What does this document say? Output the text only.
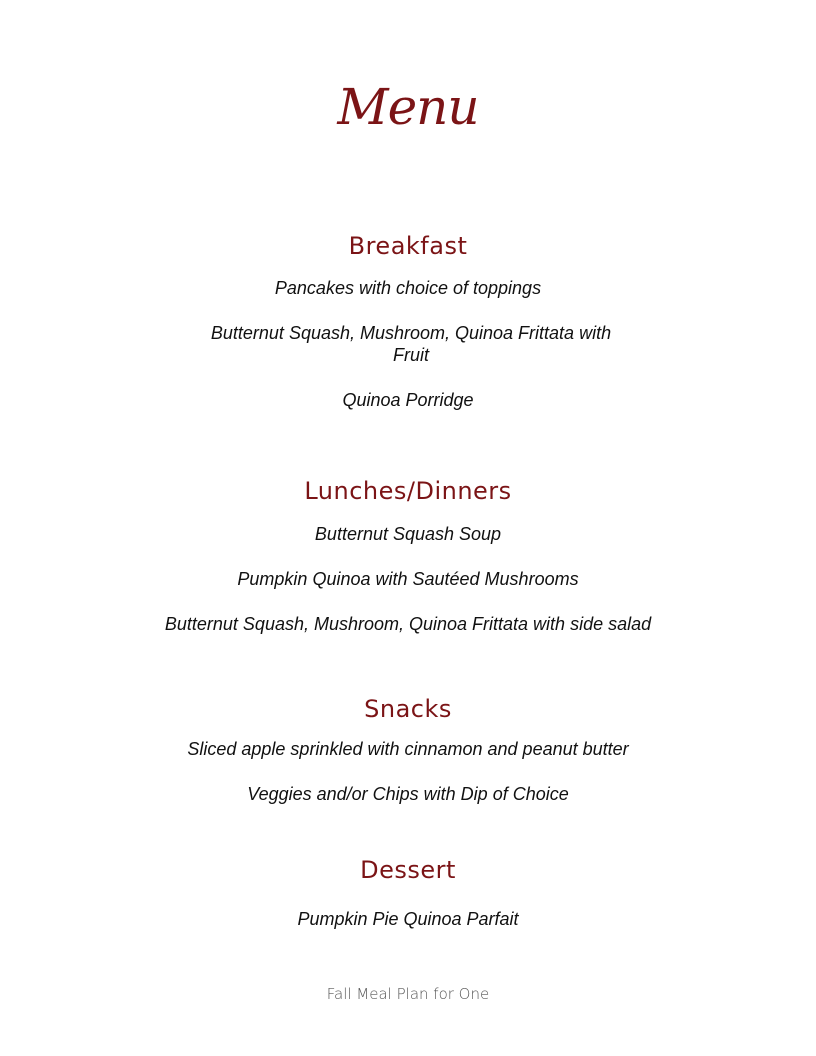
Menu
Breakfast
Pancakes with choice of toppings
Butternut Squash, Mushroom, Quinoa Frittata with Fruit
Quinoa Porridge
Lunches/Dinners
Butternut Squash Soup
Pumpkin Quinoa with Sautéed Mushrooms
Butternut Squash, Mushroom, Quinoa Frittata with side salad
Snacks
Sliced apple sprinkled with cinnamon and peanut butter
Veggies and/or Chips with Dip of Choice
Dessert
Pumpkin Pie Quinoa Parfait
Fall Meal Plan for One
